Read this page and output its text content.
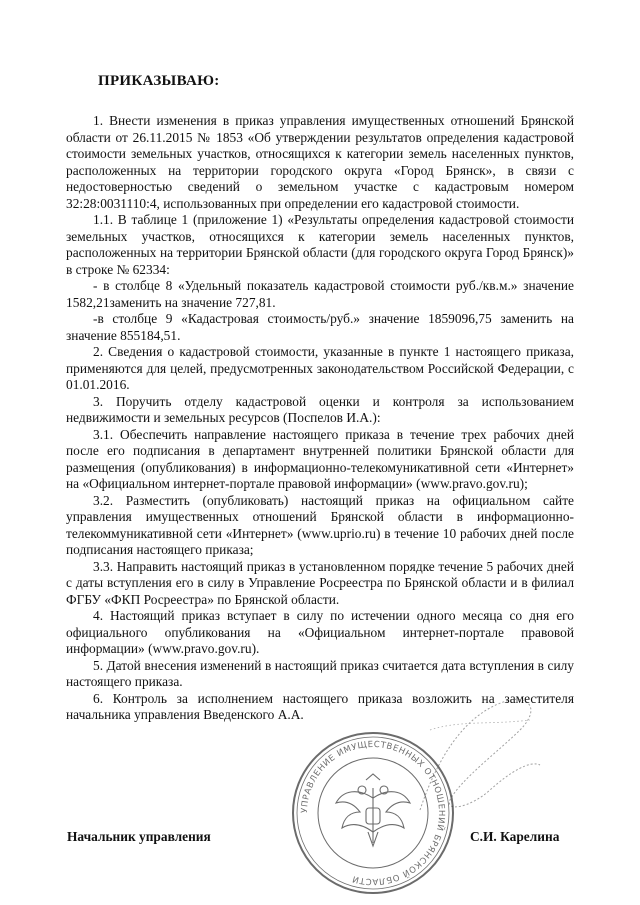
ПРИКАЗЫВАЮ:

1. Внести изменения в приказ управления имущественных отношений Брянской области от 26.11.2015 № 1853 «Об утверждении результатов определения кадастровой стоимости земельных участков, относящихся к категории земель населенных пунктов, расположенных на территории городского округа «Город Брянск», в связи с недостоверностью сведений о земельном участке с кадастровым номером 32:28:0031110:4, использованных при определении его кадастровой стоимости.

1.1. В таблице 1 (приложение 1) «Результаты определения кадастровой стоимости земельных участков, относящихся к категории земель населенных пунктов, расположенных на территории Брянской области (для городского округа Город Брянск)» в строке № 62334:

- в столбце 8 «Удельный показатель кадастровой стоимости руб./кв.м.» значение 1582,21заменить на значение 727,81.

-в столбце 9 «Кадастровая стоимость/руб.» значение 1859096,75 заменить на значение 855184,51.

2. Сведения о кадастровой стоимости, указанные в пункте 1 настоящего приказа, применяются для целей, предусмотренных законодательством Российской Федерации, с 01.01.2016.

3. Поручить отделу кадастровой оценки и контроля за использованием недвижимости и земельных ресурсов (Поспелов И.А.):

3.1. Обеспечить направление настоящего приказа в течение трех рабочих дней после его подписания в департамент внутренней политики Брянской области для размещения (опубликования) в информационно-телекомуникативной сети «Интернет» на «Официальном интернет-портале правовой информации» (www.pravo.gov.ru);

3.2. Разместить (опубликовать) настоящий приказ на официальном сайте управления имущественных отношений Брянской области в информационно-телекоммуникативной сети «Интернет» (www.uprio.ru) в течение 10 рабочих дней после подписания настоящего приказа;

3.3. Направить настоящий приказ в установленном порядке течение 5 рабочих дней с даты вступления его в силу в Управление Росреестра по Брянской области и в филиал ФГБУ «ФКП Росреестра» по Брянской области.

4. Настоящий приказ вступает в силу по истечении одного месяца со дня его официального опубликования на «Официальном интернет-портале правовой информации» (www.pravo.gov.ru).

5. Датой внесения изменений в настоящий приказ считается дата вступления в силу настоящего приказа.

6. Контроль за исполнением настоящего приказа возложить на заместителя начальника управления Введенского А.А.

УПРАВЛЕНИЕ ИМУЩЕСТВЕННЫХ ОТНОШЕНИЙ БРЯНСКОЙ ОБЛАСТИ
Начальник управления	С.И. Карелина
